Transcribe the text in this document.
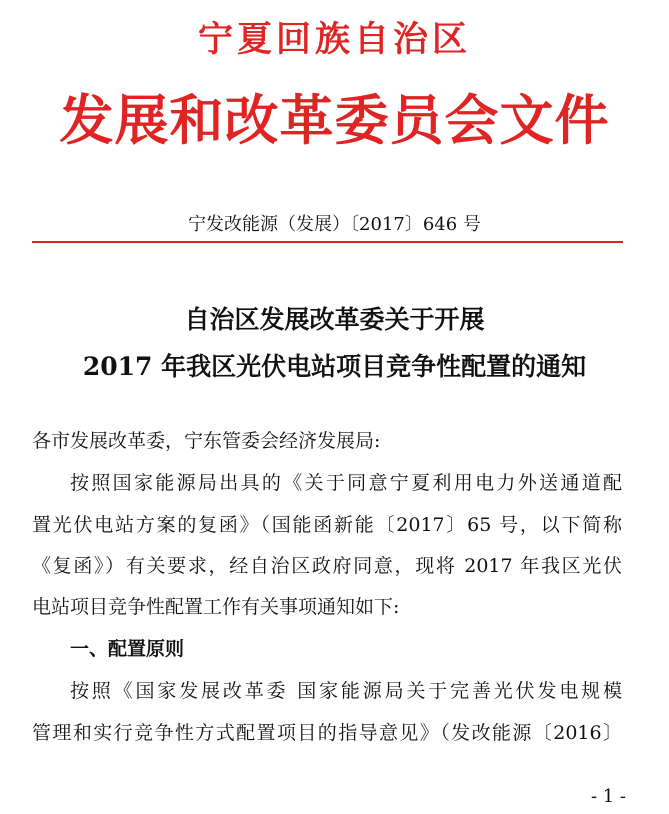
宁夏回族自治区
发展和改革委员会文件
宁发改能源（发展）〔2017〕646 号
自治区发展改革委关于开展
2017 年我区光伏电站项目竞争性配置的通知
各市发展改革委，宁东管委会经济发展局:
按照国家能源局出具的《关于同意宁夏利用电力外送通道配
置光伏电站方案的复函》（国能函新能〔2017〕65 号，以下简称
《复函》）有关要求，经自治区政府同意，现将 2017 年我区光伏
电站项目竞争性配置工作有关事项通知如下:
一、配置原则
按照《国家发展改革委 国家能源局关于完善光伏发电规模
管理和实行竞争性方式配置项目的指导意见》（发改能源〔2016〕
- 1 -
